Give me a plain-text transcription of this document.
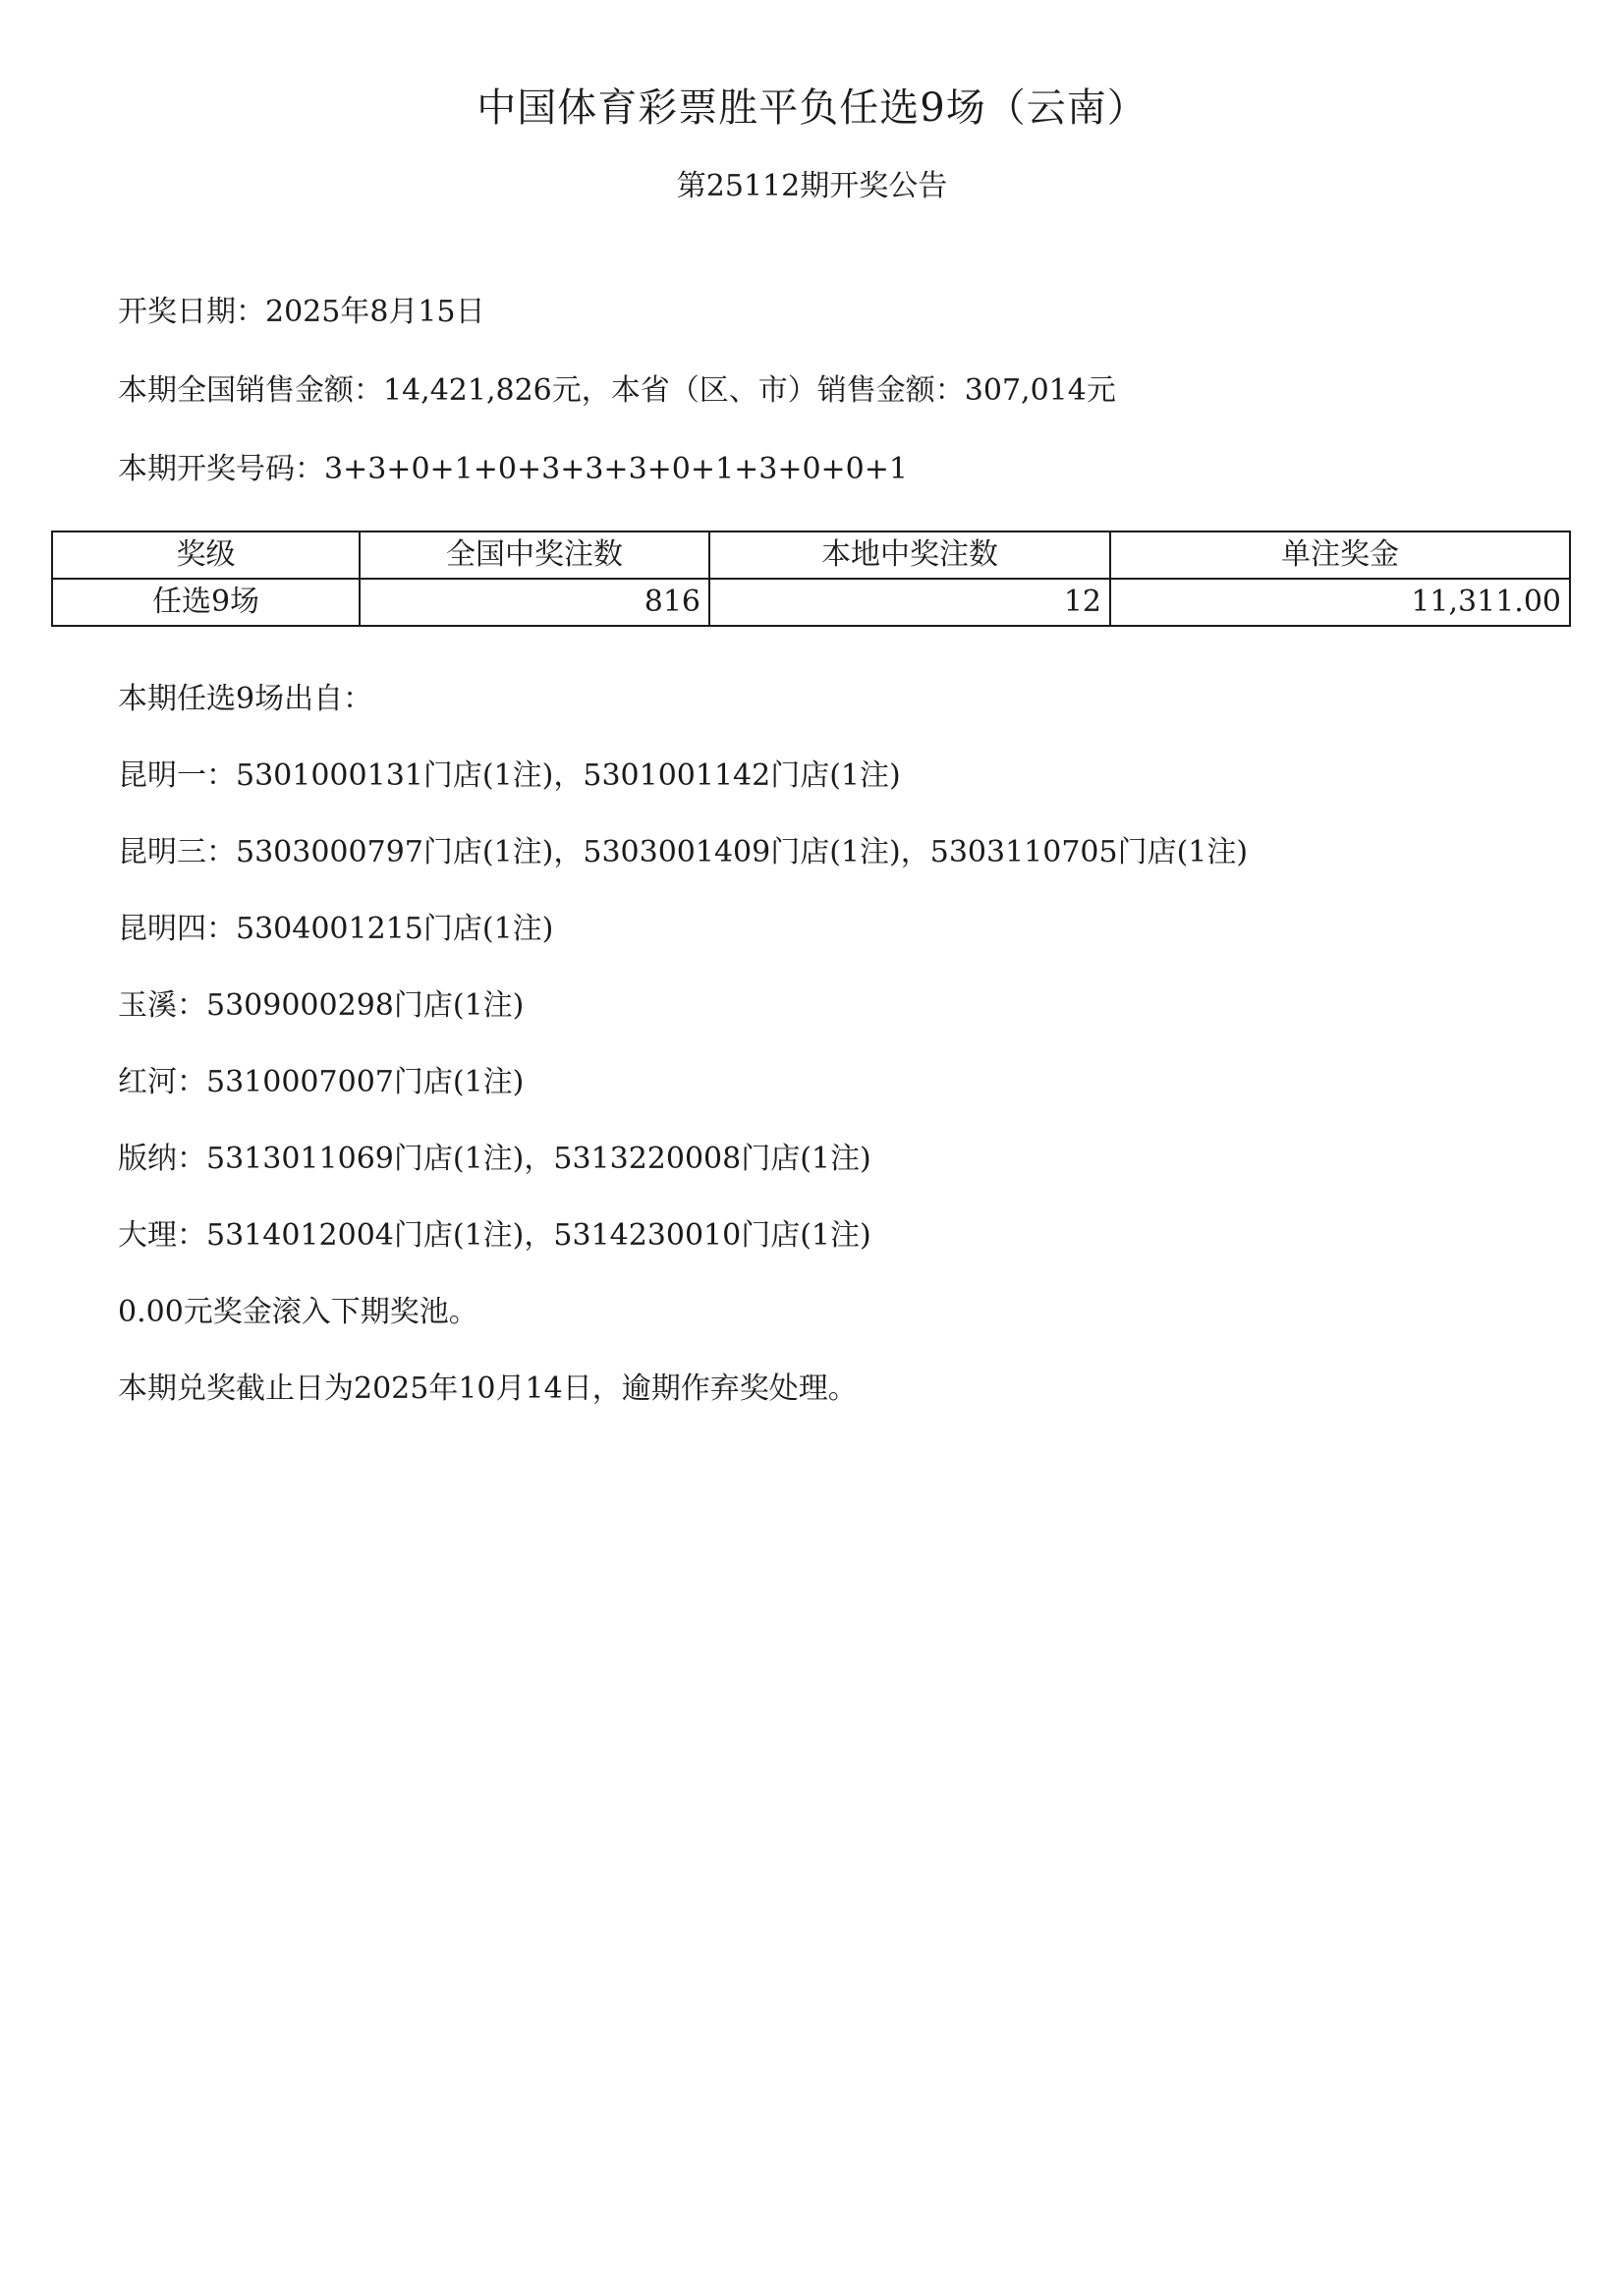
中国体育彩票胜平负任选9场（云南）
第25112期开奖公告
开奖日期：2025年8月15日
本期全国销售金额：14,421,826元，本省（区、市）销售金额：307,014元
本期开奖号码：3+3+0+1+0+3+3+3+0+1+3+0+0+1
奖级	全国中奖注数	本地中奖注数	单注奖金
任选9场	816	12	11,311.00
本期任选9场出自：
昆明一：5301000131门店(1注)，5301001142门店(1注)
昆明三：5303000797门店(1注)，5303001409门店(1注)，5303110705门店(1注)
昆明四：5304001215门店(1注)
玉溪：5309000298门店(1注)
红河：5310007007门店(1注)
版纳：5313011069门店(1注)，5313220008门店(1注)
大理：5314012004门店(1注)，5314230010门店(1注)
0.00元奖金滚入下期奖池。
本期兑奖截止日为2025年10月14日，逾期作弃奖处理。
